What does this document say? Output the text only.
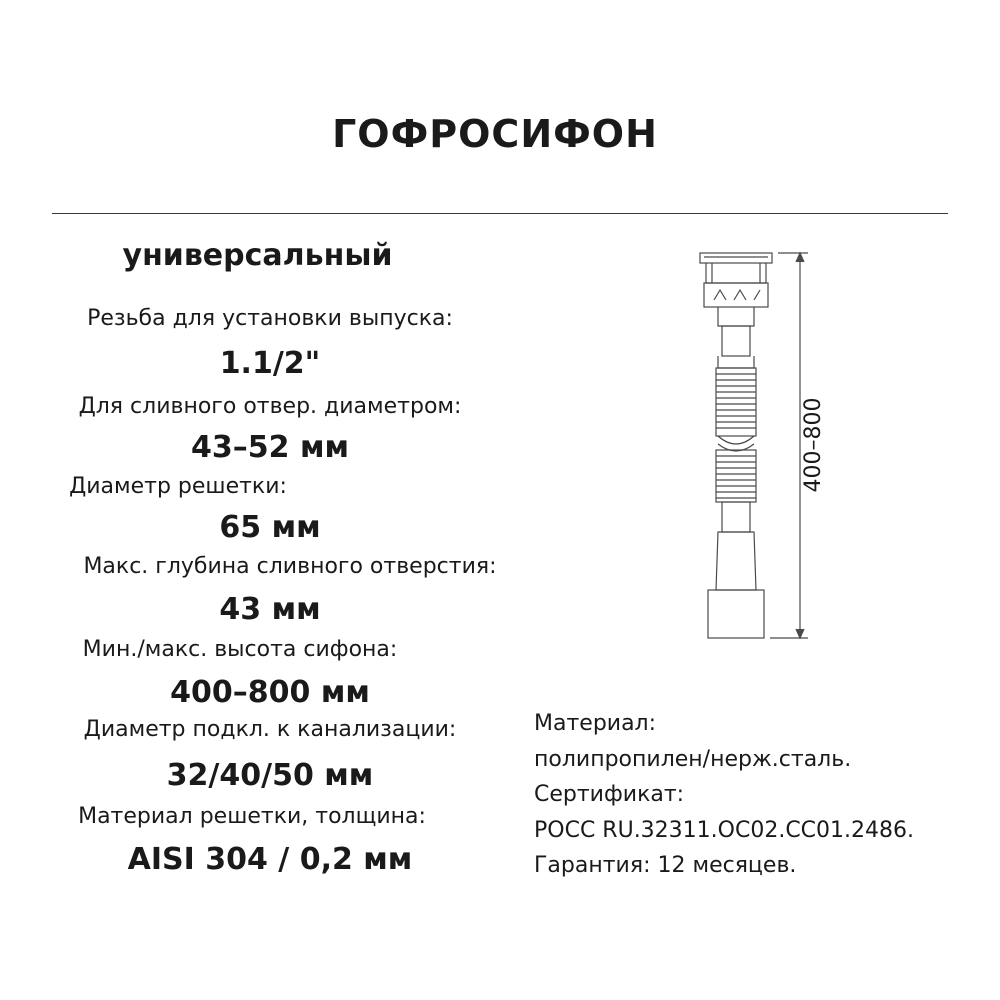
ГОФРОСИФОН
универсальный
Резьба для установки выпуска:
1.1/2"
Для сливного отвер. диаметром:
43–52 мм
Диаметр решетки:
65 мм
Макс. глубина сливного отверстия:
43 мм
Мин./макс. высота сифона:
400–800 мм
Диаметр подкл. к канализации:
32/40/50 мм
Материал решетки, толщина:
AISI 304 / 0,2 мм
Материал:
полипропилен/нерж.сталь.
Сертификат:
РОСС RU.32311.ОС02.СС01.2486.
Гарантия: 12 месяцев.
400–800
